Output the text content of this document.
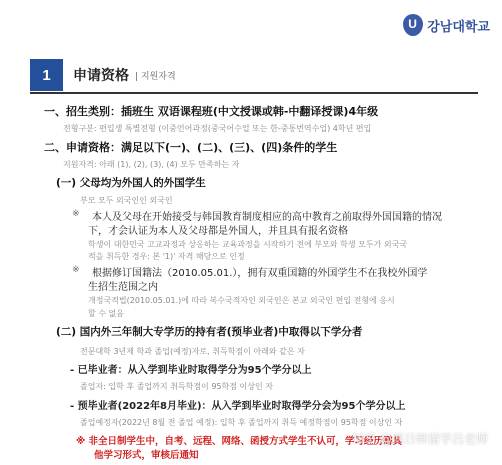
U
강남대학교
1	申请资格 | 지원자격
一、招生类别：插班生 双语课程班(中文授课或韩-中翻译授课)4年级
전형구분: 편입생 특별전형 (이중언어과정(중국어수업 또는 한-중통번역수업) 4학년 편입
二、申请资格：满足以下(一)、(二)、(三)、(四)条件的学生
지원자격: 아래 (1), (2), (3), (4) 모두 만족하는 자
(一) 父母均为外国人的外国学生
부모 모두 외국인인 외국인
※ 本人及父母在开始接受与韩国教育制度相应的高中教育之前取得外国国籍的情况
下，才会认证为本人及父母都是外国人，并且具有报名资格
학생이 대한민국 고교과정과 상응하는 교육과정을 시작하기 전에 부모와 학생 모두가 외국국
적을 취득한 경우: 본 '1)' 자격 해당으로 인정
※ 根据修订国籍法（2010.05.01.），拥有双重国籍的外国学生不在我校外国学
生招生范围之内
개정국적법(2010.05.01.)에 따라 복수국적자인 외국인은 본교 외국인 편입 전형에 응시
할 수 없음
(二) 国内外三年制大专学历的持有者(预毕业者)中取得以下学分者
전문대학 3년제 학과 졸업(예정)자로, 취득학점이 아래와 같은 자
- 已毕业者：从入学到毕业时取得学分为95个学分以上
졸업자: 입학 후 졸업까지 취득학점이 95학점 이상인 자
- 预毕业者(2022年8月毕业)：从入学到毕业时取得学分会为95个学分以上
졸업예정자(2022년 8월 전 졸업 예정): 입학 후 졸업까지 취득 예정학점이 95학점 이상인 자
※ 非全日制学生中，自考、远程、网络、函授方式学生不认可，学习经历需具
他学习形式，审核后通知
知乎 @西日韩留学吕老师
